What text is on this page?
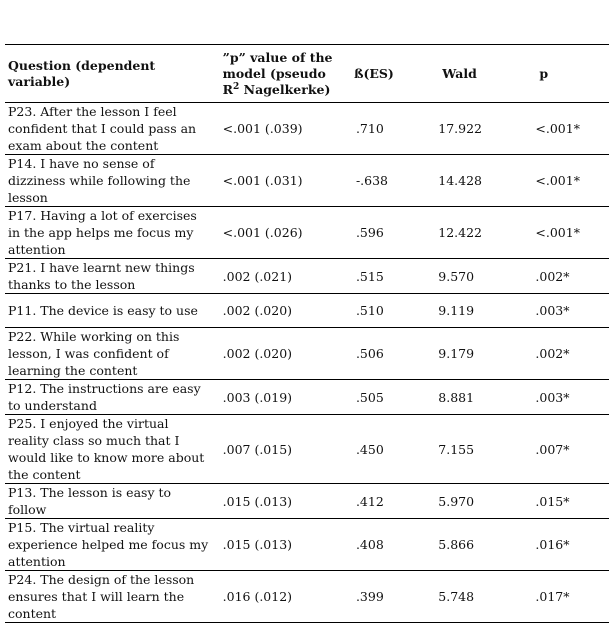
Question (dependent variable)	”p” value of the model (pseudo $R^2$ Nagelkerke)	ß(ES)	Wald	p
P23. After the lesson I feel confident that I could pass an exam about the content	<.001 (.039)	.710	17.922	<.001*
P14. I have no sense of dizziness while following the lesson	<.001 (.031)	-.638	14.428	<.001*
P17. Having a lot of exercises in the app helps me focus my attention	<.001 (.026)	.596	12.422	<.001*
P21. I have learnt new things thanks to the lesson	.002 (.021)	.515	9.570	.002*
P11. The device is easy to use	.002 (.020)	.510	9.119	.003*
P22. While working on this lesson, I was confident of learning the content	.002 (.020)	.506	9.179	.002*
P12. The instructions are easy to understand	.003 (.019)	.505	8.881	.003*
P25. I enjoyed the virtual reality class so much that I would like to know more about the content	.007 (.015)	.450	7.155	.007*
P13. The lesson is easy to follow	.015 (.013)	.412	5.970	.015*
P15. The virtual reality experience helped me focus my attention	.015 (.013)	.408	5.866	.016*
P24. The design of the lesson ensures that I will learn the content	.016 (.012)	.399	5.748	.017*
